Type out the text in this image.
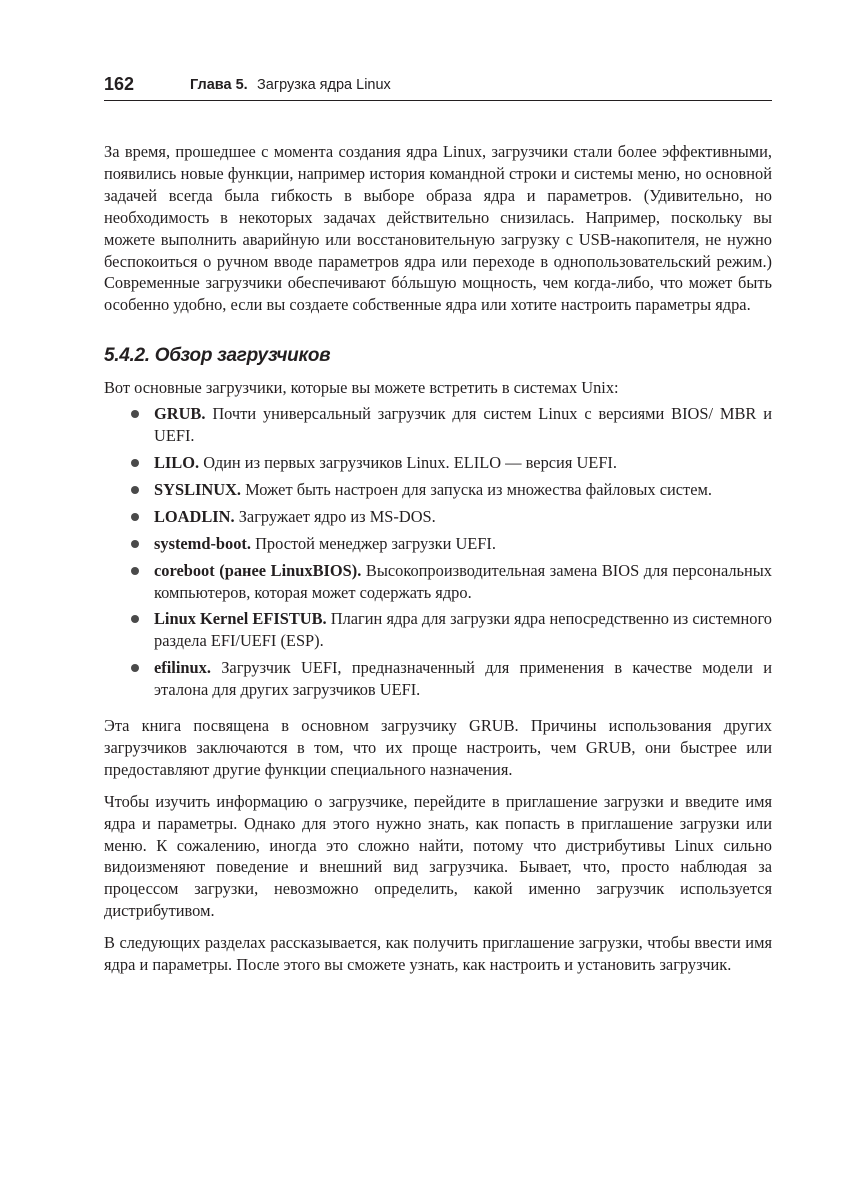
162	Глава 5. Загрузка ядра Linux

За время, прошедшее с момента создания ядра Linux, загрузчики стали более эффективными, появились новые функции, например история командной строки и системы меню, но основной задачей всегда была гибкость в выборе образа ядра и параметров. (Удивительно, но необходимость в некоторых задачах действительно снизилась. Например, поскольку вы можете выполнить аварийную или восстановительную загрузку с USB-накопителя, не нужно беспокоиться о ручном вводе параметров ядра или переходе в однопользовательский режим.) Современные загрузчики обеспечивают бóльшую мощность, чем когда-либо, что может быть особенно удобно, если вы создаете собственные ядра или хотите настроить параметры ядра.

5.4.2. Обзор загрузчиков

Вот основные загрузчики, которые вы можете встретить в системах Unix:

GRUB. Почти универсальный загрузчик для систем Linux с версиями BIOS/ MBR и UEFI.
LILO. Один из первых загрузчиков Linux. ELILO — версия UEFI.
SYSLINUX. Может быть настроен для запуска из множества файловых систем.
LOADLIN. Загружает ядро из MS-DOS.
systemd-boot. Простой менеджер загрузки UEFI.
coreboot (ранее LinuxBIOS). Высокопроизводительная замена BIOS для персональных компьютеров, которая может содержать ядро.
Linux Kernel EFISTUB. Плагин ядра для загрузки ядра непосредственно из системного раздела EFI/UEFI (ESP).
efilinux. Загрузчик UEFI, предназначенный для применения в качестве модели и эталона для других загрузчиков UEFI.

Эта книга посвящена в основном загрузчику GRUB. Причины использования других загрузчиков заключаются в том, что их проще настроить, чем GRUB, они быстрее или предоставляют другие функции специального назначения.

Чтобы изучить информацию о загрузчике, перейдите в приглашение загрузки и введите имя ядра и параметры. Однако для этого нужно знать, как попасть в приглашение загрузки или меню. К сожалению, иногда это сложно найти, потому что дистрибутивы Linux сильно видоизменяют поведение и внешний вид загрузчика. Бывает, что, просто наблюдая за процессом загрузки, невозможно определить, какой именно загрузчик используется дистрибутивом.

В следующих разделах рассказывается, как получить приглашение загрузки, чтобы ввести имя ядра и параметры. После этого вы сможете узнать, как настроить и установить загрузчик.
